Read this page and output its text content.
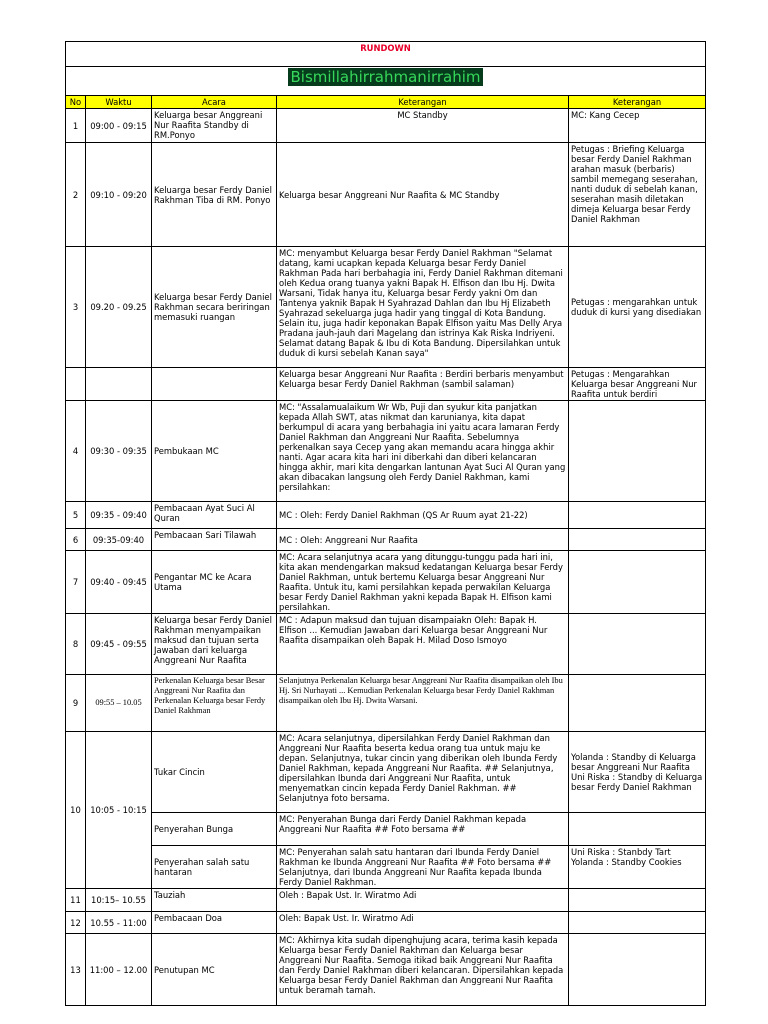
RUNDOWN				
Bismillahirrahmanirrahim				
No	Waktu	Acara	Keterangan	Keterangan
1	09:00 - 09:15	Keluarga besar Anggreani Nur Raafita Standby di RM.Ponyo	MC Standby	MC: Kang Cecep
2	09:10 - 09:20	Keluarga besar Ferdy Daniel Rakhman Tiba di RM. Ponyo	Keluarga besar Anggreani Nur Raafita & MC Standby	Petugas : Briefing Keluarga besar Ferdy Daniel Rakhman arahan masuk (berbaris) sambil memegang seserahan, nanti duduk di sebelah kanan, seserahan masih diletakan dimeja Keluarga besar Ferdy Daniel Rakhman
3	09.20 - 09.25	Keluarga besar Ferdy Daniel Rakhman secara beriringan memasuki ruangan	MC: menyambut Keluarga besar Ferdy Daniel Rakhman "Selamat datang, kami ucapkan kepada Keluarga besar Ferdy Daniel Rakhman Pada hari berbahagia ini, Ferdy Daniel Rakhman ditemani oleh Kedua orang tuanya yakni Bapak H. Elfison dan Ibu Hj. Dwita Warsani, Tidak hanya itu, Keluarga besar Ferdy yakni Om dan Tantenya yaknik Bapak H Syahrazad Dahlan dan Ibu Hj Elizabeth Syahrazad sekeluarga juga hadir yang tinggal di Kota Bandung. Selain itu, juga hadir keponakan Bapak Elfison yaitu Mas Delly Arya Pradana jauh-jauh dari Magelang dan istrinya Kak Riska Indriyeni. Selamat datang Bapak & Ibu di Kota Bandung. Dipersilahkan untuk duduk di kursi sebelah Kanan saya"	Petugas : mengarahkan untuk duduk di kursi yang disediakan
			Keluarga besar Anggreani Nur Raafita : Berdiri berbaris menyambut Keluarga besar Ferdy Daniel Rakhman (sambil salaman)	Petugas : Mengarahkan Keluarga besar Anggreani Nur Raafita untuk berdiri
4	09:30 - 09:35	Pembukaan MC	MC: "Assalamualaikum Wr Wb, Puji dan syukur kita panjatkan kepada Allah SWT, atas nikmat dan karunianya, kita dapat berkumpul di acara yang berbahagia ini yaitu acara lamaran Ferdy Daniel Rakhman dan Anggreani Nur Raafita. Sebelumnya perkenalkan saya Cecep yang akan memandu acara hingga akhir nanti. Agar acara kita hari ini diberkahi dan diberi kelancaran hingga akhir, mari kita dengarkan lantunan Ayat Suci Al Quran yang akan dibacakan langsung oleh Ferdy Daniel Rakhman, kami persilahkan:	
5	09:35 - 09:40	Pembacaan Ayat Suci Al Quran	MC : Oleh: Ferdy Daniel Rakhman (QS Ar Ruum ayat 21-22)	
6	09:35-09:40	Pembacaan Sari Tilawah	MC : Oleh: Anggreani Nur Raafita	
7	09:40 - 09:45	Pengantar MC ke Acara Utama	MC: Acara selanjutnya acara yang ditunggu-tunggu pada hari ini, kita akan mendengarkan maksud kedatangan Keluarga besar Ferdy Daniel Rakhman, untuk bertemu Keluarga besar Anggreani Nur Raafita. Untuk itu, kami persilahkan kepada perwakilan Keluarga besar Ferdy Daniel Rakhman yakni kepada Bapak H. Elfison kami persilahkan.	
8	09:45 - 09:55	Keluarga besar Ferdy Daniel Rakhman menyampaikan maksud dan tujuan serta Jawaban dari keluarga Anggreani Nur Raafita	MC : Adapun maksud dan tujuan disampaiakn Oleh: Bapak H. Elfison ... Kemudian Jawaban dari Keluarga besar Anggreani Nur Raafita disampaikan oleh Bapak H. Milad Doso Ismoyo	
9	09:55 – 10.05	Perkenalan Keluarga besar Besar Anggreani Nur Raafita dan Perkenalan Keluarga besar Ferdy Daniel Rakhman	Selanjutnya Perkenalan Keluarga besar Anggreani Nur Raafita disampaikan oleh Ibu Hj. Sri Nurhayati ... Kemudian Perkenalan Keluarga besar Ferdy Daniel Rakhman disampaikan oleh Ibu Hj. Dwita Warsani.	
10	10:05 - 10:15	Tukar Cincin	MC: Acara selanjutnya, dipersilahkan Ferdy Daniel Rakhman dan Anggreani Nur Raafita beserta kedua orang tua untuk maju ke depan. Selanjutnya, tukar cincin yang diberikan oleh Ibunda Ferdy Daniel Rakhman, kepada Anggreani Nur Raafita. ## Selanjutnya, dipersilahkan Ibunda dari Anggreani Nur Raafita, untuk menyematkan cincin kepada Ferdy Daniel Rakhman. ## Selanjutnya foto bersama.	Yolanda : Standby di Keluarga besar Anggreani Nur Raafita Uni Riska : Standby di Keluarga besar Ferdy Daniel Rakhman
		Penyerahan Bunga	MC: Penyerahan Bunga dari Ferdy Daniel Rakhman kepada Anggreani Nur Raafita ## Foto bersama ##	
		Penyerahan salah satu hantaran	MC: Penyerahan salah satu hantaran dari Ibunda Ferdy Daniel Rakhman ke Ibunda Anggreani Nur Raafita ## Foto bersama ## Selanjutnya, dari Ibunda Anggreani Nur Raafita kepada Ibunda Ferdy Daniel Rakhman.	Uni Riska : Stanbdy Tart Yolanda : Standby Cookies
11	10:15– 10.55	Tauziah	Oleh : Bapak Ust. Ir. Wiratmo Adi	
12	10.55 - 11:00	Pembacaan Doa	Oleh: Bapak Ust. Ir. Wiratmo Adi	
13	11:00 – 12.00	Penutupan MC	MC: Akhirnya kita sudah dipenghujung acara, terima kasih kepada Keluarga besar Ferdy Daniel Rakhman dan Keluarga besar Anggreani Nur Raafita. Semoga itikad baik Anggreani Nur Raafita dan Ferdy Daniel Rakhman diberi kelancaran. Dipersilahkan kepada Keluarga besar Ferdy Daniel Rakhman dan Anggreani Nur Raafita untuk beramah tamah.	
